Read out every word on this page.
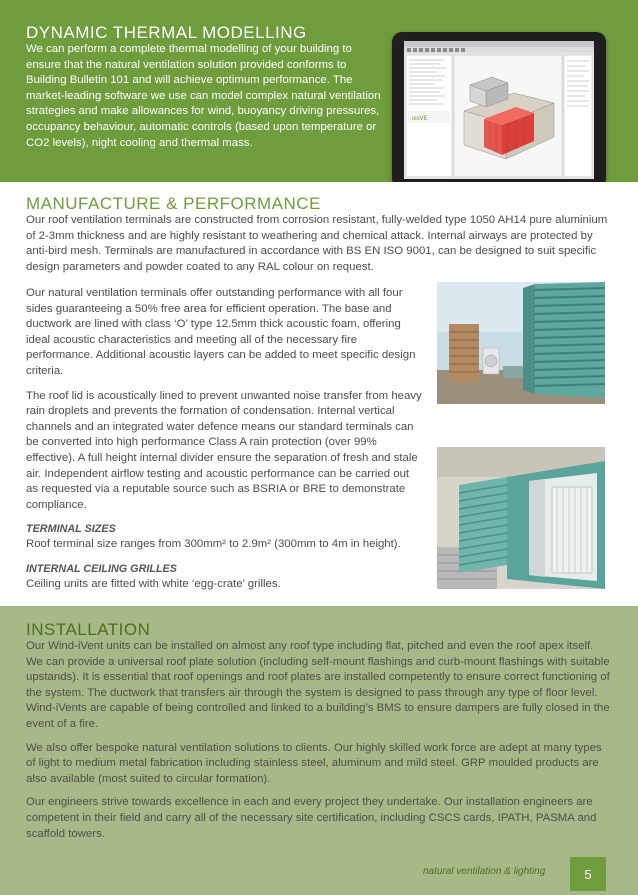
DYNAMIC THERMAL MODELLING

We can perform a complete thermal modelling of your building to ensure that the natural ventilation solution provided conforms to Building Bulletin 101 and will achieve optimum performance. The market-leading software we use can model complex natural ventilation strategies and make allowances for wind, buoyancy driving pressures, occupancy behaviour, automatic controls (based upon temperature or CO2 levels), night cooling and thermal mass.

iesVE
MANUFACTURE & PERFORMANCE

Our roof ventilation terminals are constructed from corrosion resistant, fully-welded type 1050 AH14 pure aluminium of 2-3mm thickness and are highly resistant to weathering and chemical attack. Internal airways are protected by anti-bird mesh. Terminals are manufactured in accordance with BS EN ISO 9001, can be designed to suit specific design parameters and powder coated to any RAL colour on request.

Our natural ventilation terminals offer outstanding performance with all four sides guaranteeing a 50% free area for efficient operation. The base and ductwork are lined with class ‘O’ type 12.5mm thick acoustic foam, offering ideal acoustic characteristics and meeting all of the necessary fire performance. Additional acoustic layers can be added to meet specific design criteria.

The roof lid is acoustically lined to prevent unwanted noise transfer from heavy rain droplets and prevents the formation of condensation. Internal vertical channels and an integrated water defence means our standard terminals can be converted into high performance Class A rain protection (over 99% effective). A full height internal divider ensure the separation of fresh and stale air. Independent airflow testing and acoustic performance can be carried out as requested via a reputable source such as BSRIA or BRE to demonstrate compliance.

TERMINAL SIZES

Roof terminal size ranges from 300mm² to 2.9m² (300mm to 4m in height).

INTERNAL CEILING GRILLES

Ceiling units are fitted with white ‘egg-crate’ grilles.

INSTALLATION

Our Wind-iVent units can be installed on almost any roof type including flat, pitched and even the roof apex itself. We can provide a universal roof plate solution (including self-mount flashings and curb-mount flashings with suitable upstands). It is essential that roof openings and roof plates are installed competently to ensure correct functioning of the system. The ductwork that transfers air through the system is designed to pass through any type of floor level. Wind-iVents are capable of being controlled and linked to a building’s BMS to ensure dampers are fully closed in the event of a fire.

We also offer bespoke natural ventilation solutions to clients. Our highly skilled work force are adept at many types of light to medium metal fabrication including stainless steel, aluminum and mild steel. GRP moulded products are also available (most suited to circular formation).

Our engineers strive towards excellence in each and every project they undertake. Our installation engineers are competent in their field and carry all of the necessary site certification, including CSCS cards, IPATH, PASMA and scaffold towers.

natural ventilation & lighting	5
